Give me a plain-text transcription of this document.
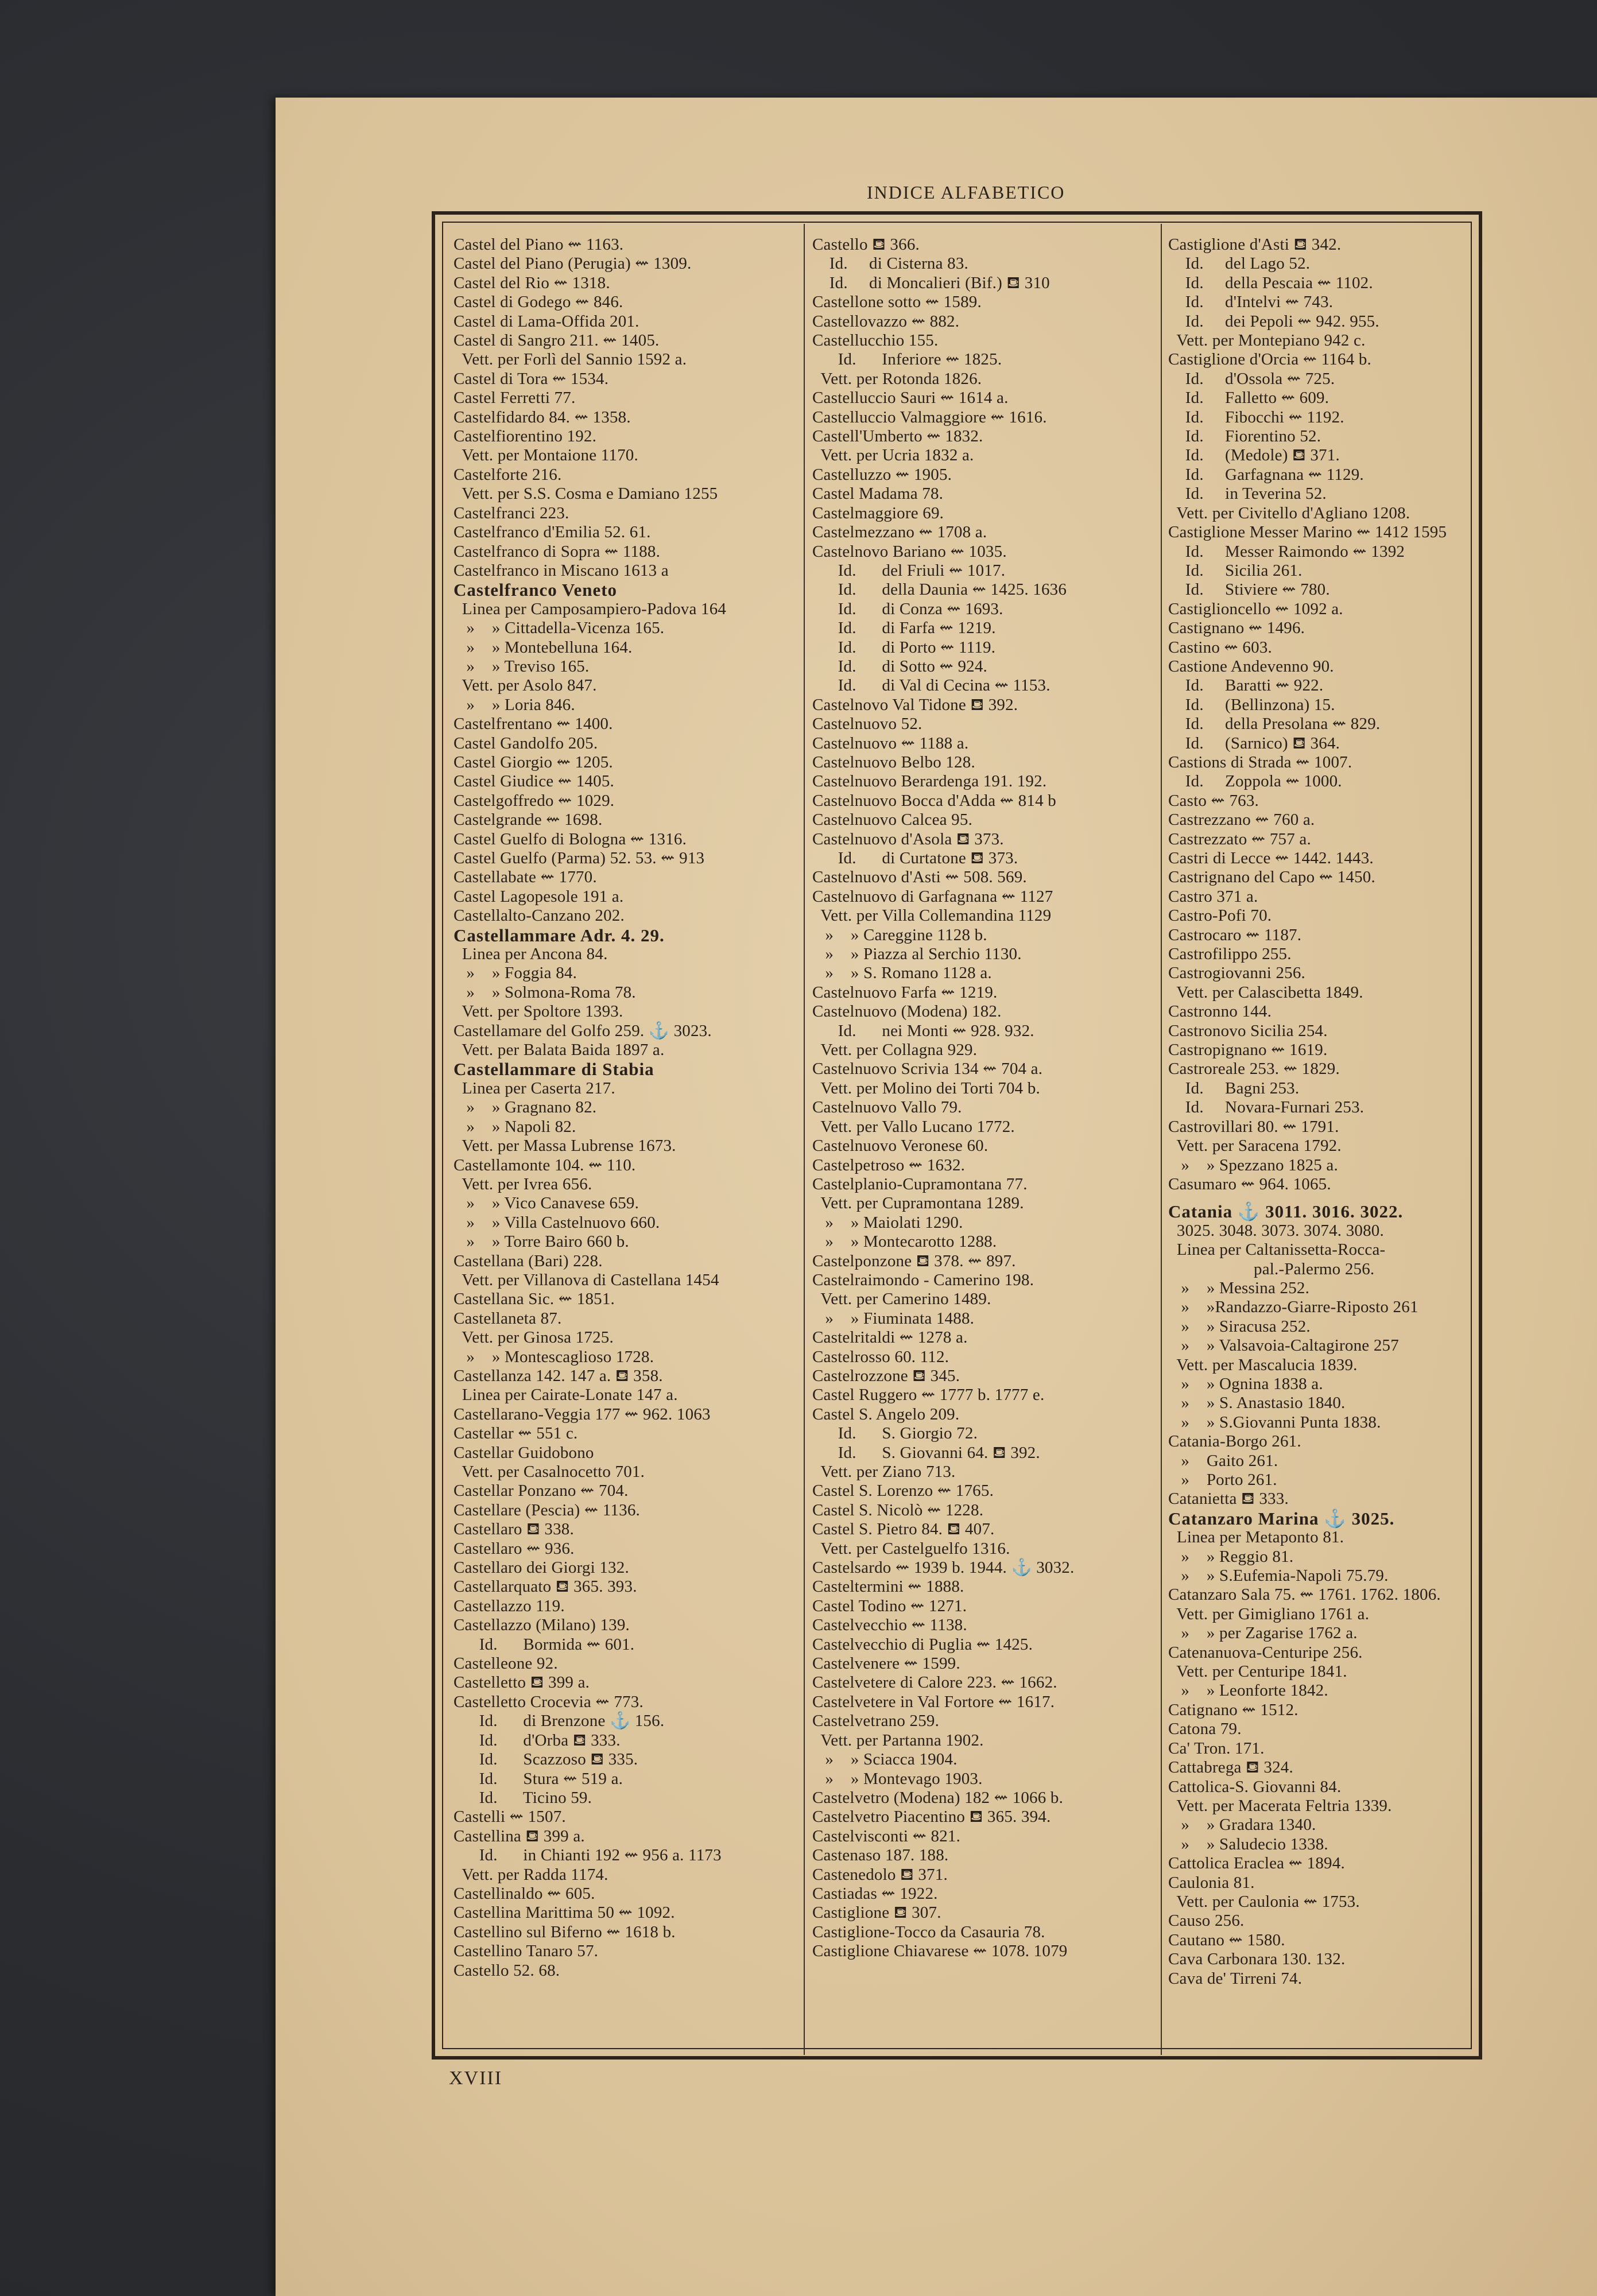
Castel del Piano ⇜ 1163.
Castel del Piano (Perugia) ⇜ 1309.
Castel del Rio ⇜ 1318.
Castel di Godego ⇜ 846.
Castel di Lama-Offida 201.
Castel di Sangro 211. ⇜ 1405.
Vett. per Forlì del Sannio 1592 a.
Castel di Tora ⇜ 1534.
Castel Ferretti 77.
Castelfidardo 84. ⇜ 1358.
Castelfiorentino 192.
Vett. per Montaione 1170.
Castelforte 216.
Vett. per S.S. Cosma e Damiano 1255
Castelfranci 223.
Castelfranco d'Emilia 52. 61.
Castelfranco di Sopra ⇜ 1188.
Castelfranco in Miscano 1613 a
Castelfranco Veneto
Linea per Camposampiero-Padova 164
»    » Cittadella-Vicenza 165.
»    » Montebelluna 164.
»    » Treviso 165.
Vett. per Asolo 847.
»    » Loria 846.
Castelfrentano ⇜ 1400.
Castel Gandolfo 205.
Castel Giorgio ⇜ 1205.
Castel Giudice ⇜ 1405.
Castelgoffredo ⇜ 1029.
Castelgrande ⇜ 1698.
Castel Guelfo di Bologna ⇜ 1316.
Castel Guelfo (Parma) 52. 53. ⇜ 913
Castellabate ⇜ 1770.
Castel Lagopesole 191 a.
Castellalto-Canzano 202.
Castellammare Adr. 4. 29.
Linea per Ancona 84.
»    » Foggia 84.
»    » Solmona-Roma 78.
Vett. per Spoltore 1393.
Castellamare del Golfo 259. ⚓ 3023.
Vett. per Balata Baida 1897 a.
Castellammare di Stabia
Linea per Caserta 217.
»    » Gragnano 82.
»    » Napoli 82.
Vett. per Massa Lubrense 1673.
Castellamonte 104. ⇜ 110.
Vett. per Ivrea 656.
»    » Vico Canavese 659.
»    » Villa Castelnuovo 660.
»    » Torre Bairo 660 b.
Castellana (Bari) 228.
Vett. per Villanova di Castellana 1454
Castellana Sic. ⇜ 1851.
Castellaneta 87.
Vett. per Ginosa 1725.
»    » Montescaglioso 1728.
Castellanza 142. 147 a. ⛾ 358.
Linea per Cairate-Lonate 147 a.
Castellarano-Veggia 177 ⇜ 962. 1063
Castellar ⇜ 551 c.
Castellar Guidobono
Vett. per Casalnocetto 701.
Castellar Ponzano ⇜ 704.
Castellare (Pescia) ⇜ 1136.
Castellaro ⛾ 338.
Castellaro ⇜ 936.
Castellaro dei Giorgi 132.
Castellarquato ⛾ 365. 393.
Castellazzo 119.
Castellazzo (Milano) 139.
Id.      Bormida ⇜ 601.
Castelleone 92.
Castelletto ⛾ 399 a.
Castelletto Croceviа ⇜ 773.
Id.      di Brenzone ⚓ 156.
Id.      d'Orba ⛾ 333.
Id.      Scazzoso ⛾ 335.
Id.      Stura ⇜ 519 a.
Id.      Ticino 59.
Castelli ⇜ 1507.
Castellina ⛾ 399 a.
Id.      in Chianti 192 ⇜ 956 a. 1173
Vett. per Radda 1174.
Castellinaldo ⇜ 605.
Castellina Marittima 50 ⇜ 1092.
Castellino sul Biferno ⇜ 1618 b.
Castellino Tanaro 57.
Castello 52. 68.
Castello ⛾ 366.
Id.     di Cisterna 83.
Id.     di Moncalieri (Bif.) ⛾ 310
Castellone sotto ⇜ 1589.
Castellovazzo ⇜ 882.
Castellucchio 155.
Id.      Inferiore ⇜ 1825.
Vett. per Rotonda 1826.
Castelluccio Sauri ⇜ 1614 a.
Castelluccio Valmaggiore ⇜ 1616.
Castell'Umberto ⇜ 1832.
Vett. per Ucria 1832 a.
Castelluzzo ⇜ 1905.
Castel Madama 78.
Castelmaggiore 69.
Castelmezzano ⇜ 1708 a.
Castelnovo Bariano ⇜ 1035.
Id.      del Friuli ⇜ 1017.
Id.      della Daunia ⇜ 1425. 1636
Id.      di Conza ⇜ 1693.
Id.      di Farfa ⇜ 1219.
Id.      di Porto ⇜ 1119.
Id.      di Sotto ⇜ 924.
Id.      di Val di Cecina ⇜ 1153.
Castelnovo Val Tidone ⛾ 392.
Castelnuovo 52.
Castelnuovo ⇜ 1188 a.
Castelnuovo Belbo 128.
Castelnuovo Berardenga 191. 192.
Castelnuovo Bocca d'Adda ⇜ 814 b
Castelnuovo Calcea 95.
Castelnuovo d'Asola ⛾ 373.
Id.      di Curtatone ⛾ 373.
Castelnuovo d'Asti ⇜ 508. 569.
Castelnuovo di Garfagnana ⇜ 1127
Vett. per Villa Collemandina 1129
»    » Careggine 1128 b.
»    » Piazza al Serchio 1130.
»    » S. Romano 1128 a.
Castelnuovo Farfa ⇜ 1219.
Castelnuovo (Modena) 182.
Id.      nei Monti ⇜ 928. 932.
Vett. per Collagna 929.
Castelnuovo Scrivia 134 ⇜ 704 a.
Vett. per Molino dei Torti 704 b.
Castelnuovo Vallo 79.
Vett. per Vallo Lucano 1772.
Castelnuovo Veronese 60.
Castelpetroso ⇜ 1632.
Castelplanio-Cupramontana 77.
Vett. per Cupramontana 1289.
»    » Maiolati 1290.
»    » Montecarotto 1288.
Castelponzone ⛾ 378. ⇜ 897.
Castelraimondo - Camerino 198.
Vett. per Camerino 1489.
»    » Fiuminata 1488.
Castelritaldi ⇜ 1278 a.
Castelrosso 60. 112.
Castelrozzone ⛾ 345.
Castel Ruggero ⇜ 1777 b. 1777 e.
Castel S. Angelo 209.
Id.      S. Giorgio 72.
Id.      S. Giovanni 64. ⛾ 392.
Vett. per Ziano 713.
Castel S. Lorenzo ⇜ 1765.
Castel S. Nicolò ⇜ 1228.
Castel S. Pietro 84. ⛾ 407.
Vett. per Castelguelfo 1316.
Castelsardo ⇜ 1939 b. 1944. ⚓ 3032.
Casteltermini ⇜ 1888.
Castel Todino ⇜ 1271.
Castelvecchio ⇜ 1138.
Castelvecchio di Puglia ⇜ 1425.
Castelvenere ⇜ 1599.
Castelvetere di Calore 223. ⇜ 1662.
Castelvetere in Val Fortore ⇜ 1617.
Castelvetrano 259.
Vett. per Partanna 1902.
»    » Sciacca 1904.
»    » Montevago 1903.
Castelvetro (Modena) 182 ⇜ 1066 b.
Castelvetro Piacentino ⛾ 365. 394.
Castelvisconti ⇜ 821.
Castenaso 187. 188.
Castenedolo ⛾ 371.
Castiadas ⇜ 1922.
Castiglione ⛾ 307.
Castiglione-Tocco da Casauria 78.
Castiglione Chiavarese ⇜ 1078. 1079
Castiglione d'Asti ⛾ 342.
Id.     del Lago 52.
Id.     della Pescaia ⇜ 1102.
Id.     d'Intelvi ⇜ 743.
Id.     dei Pepoli ⇜ 942. 955.
Vett. per Montepiano 942 c.
Castiglione d'Orcia ⇜ 1164 b.
Id.     d'Ossola ⇜ 725.
Id.     Falletto ⇜ 609.
Id.     Fibocchi ⇜ 1192.
Id.     Fiorentino 52.
Id.     (Medole) ⛾ 371.
Id.     Garfagnana ⇜ 1129.
Id.     in Teverina 52.
Vett. per Civitello d'Agliano 1208.
Castiglione Messer Marino ⇜ 1412 1595
Id.     Messer Raimondo ⇜ 1392
Id.     Sicilia 261.
Id.     Stiviere ⇜ 780.
Castiglioncello ⇜ 1092 a.
Castignano ⇜ 1496.
Castino ⇜ 603.
Castione Andevenno 90.
Id.     Baratti ⇜ 922.
Id.     (Bellinzona) 15.
Id.     della Presolana ⇜ 829.
Id.     (Sarnico) ⛾ 364.
Castions di Strada ⇜ 1007.
Id.     Zoppola ⇜ 1000.
Casto ⇜ 763.
Castrezzano ⇜ 760 a.
Castrezzato ⇜ 757 a.
Castri di Lecce ⇜ 1442. 1443.
Castrignano del Capo ⇜ 1450.
Castro 371 a.
Castro-Pofi 70.
Castrocaro ⇜ 1187.
Castrofilippo 255.
Castrogiovanni 256.
Vett. per Calascibetta 1849.
Castronno 144.
Castronovo Sicilia 254.
Castropignano ⇜ 1619.
Castroreale 253. ⇜ 1829.
Id.     Bagni 253.
Id.     Novara-Furnari 253.
Castrovillari 80. ⇜ 1791.
Vett. per Saracena 1792.
»    » Spezzano 1825 a.
Casumaro ⇜ 964. 1065.
Catania ⚓ 3011. 3016. 3022.
3025. 3048. 3073. 3074. 3080.
Linea per Caltanissetta-Rocca-
pal.-Palermo 256.
»    » Messina 252.
»    »Randazzo-Giarre-Riposto 261
»    » Siracusa 252.
»    » Valsavoia-Caltagirone 257
Vett. per Mascalucia 1839.
»    » Ognina 1838 a.
»    » S. Anastasio 1840.
»    » S.Giovanni Punta 1838.
Catania-Borgo 261.
»    Gaito 261.
»    Porto 261.
Catanietta ⛾ 333.
Catanzaro Marina ⚓ 3025.
Linea per Metaponto 81.
»    » Reggio 81.
»    » S.Eufemia-Napoli 75.79.
Catanzaro Sala 75. ⇜ 1761. 1762. 1806.
Vett. per Gimigliano 1761 a.
»    » per Zagarise 1762 a.
Catenanuova-Centuripe 256.
Vett. per Centuripe 1841.
»    » Leonforte 1842.
Catignano ⇜ 1512.
Catona 79.
Ca' Tron. 171.
Cattabrega ⛾ 324.
Cattolica-S. Giovanni 84.
Vett. per Macerata Feltria 1339.
»    » Gradara 1340.
»    » Saludecio 1338.
Cattolica Eraclea ⇜ 1894.
Caulonia 81.
Vett. per Caulonia ⇜ 1753.
Causo 256.
Cautano ⇜ 1580.
Cava Carbonara 130. 132.
Cava de' Tirreni 74.
XVIII
